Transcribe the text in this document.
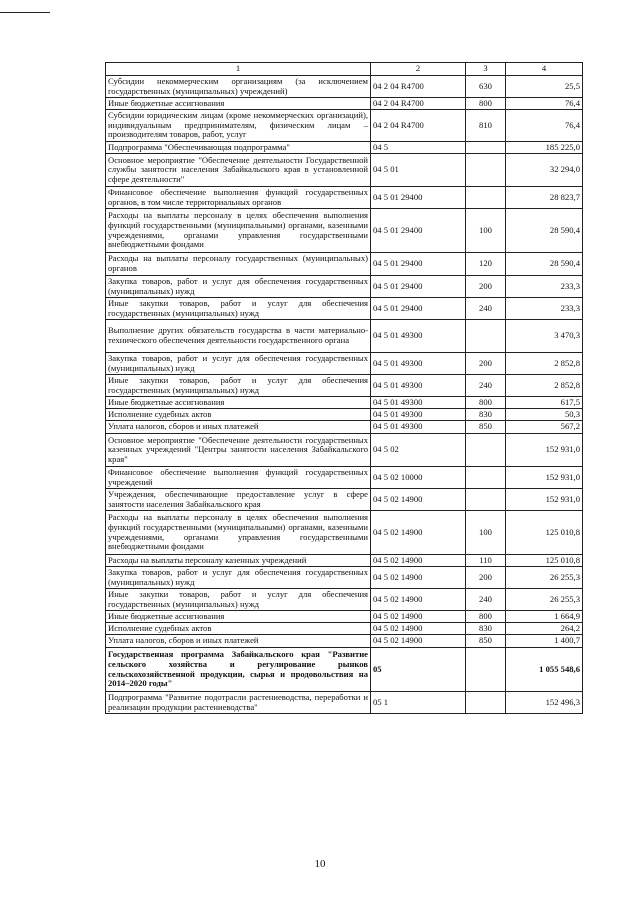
1	2	3	4
Субсидии некоммерческим организациям (за исключением государственных (муниципальных) учреждений)	04 2 04 R4700	630	25,5
Иные бюджетные ассигнования	04 2 04 R4700	800	76,4
Субсидии юридическим лицам (кроме некоммерческих организаций), индивидуальным предпринимателям, физическим лицам – производителям товаров, работ, услуг	04 2 04 R4700	810	76,4
Подпрограмма "Обеспечивающая подпрограмма"	04 5		185 225,0
Основное мероприятие "Обеспечение деятельности Государственной службы занятости населения Забайкальского края в установленной сфере деятельности"	04 5 01		32 294,0
Финансовое обеспечение выполнения функций государственных органов, в том числе территориальных органов	04 5 01 29400		28 823,7
Расходы на выплаты персоналу в целях обеспечения выполнения функций государственными (муниципальными) органами, казенными учреждениями, органами управления государственными внебюджетными фондами	04 5 01 29400	100	28 590,4
Расходы на выплаты персоналу государственных (муниципальных) органов	04 5 01 29400	120	28 590,4
Закупка товаров, работ и услуг для обеспечения государственных (муниципальных) нужд	04 5 01 29400	200	233,3
Иные закупки товаров, работ и услуг для обеспечения государственных (муниципальных) нужд	04 5 01 29400	240	233,3
Выполнение других обязательств государства в части материально-технического обеспечения деятельности государственного органа	04 5 01 49300		3 470,3
Закупка товаров, работ и услуг для обеспечения государственных (муниципальных) нужд	04 5 01 49300	200	2 852,8
Иные закупки товаров, работ и услуг для обеспечения государственных (муниципальных) нужд	04 5 01 49300	240	2 852,8
Иные бюджетные ассигнования	04 5 01 49300	800	617,5
Исполнение судебных актов	04 5 01 49300	830	50,3
Уплата налогов, сборов и иных платежей	04 5 01 49300	850	567,2
Основное мероприятие "Обеспечение деятельности государственных казенных учреждений "Центры занятости населения Забайкальского края"	04 5 02		152 931,0
Финансовое обеспечение выполнения функций государственных учреждений	04 5 02 10000		152 931,0
Учреждения, обеспечивающие предоставление услуг в сфере занятости населения Забайкальского края	04 5 02 14900		152 931,0
Расходы на выплаты персоналу в целях обеспечения выполнения функций государственными (муниципальными) органами, казенными учреждениями, органами управления государственными внебюджетными фондами	04 5 02 14900	100	125 010,8
Расходы на выплаты персоналу казенных учреждений	04 5 02 14900	110	125 010,8
Закупка товаров, работ и услуг для обеспечения государственных (муниципальных) нужд	04 5 02 14900	200	26 255,3
Иные закупки товаров, работ и услуг для обеспечения государственных (муниципальных) нужд	04 5 02 14900	240	26 255,3
Иные бюджетные ассигнования	04 5 02 14900	800	1 664,9
Исполнение судебных актов	04 5 02 14900	830	264,2
Уплата налогов, сборов и иных платежей	04 5 02 14900	850	1 400,7
Государственная программа Забайкальского края "Развитие сельского хозяйства и регулирование рынков сельскохозяйственной продукции, сырья и продовольствия на 2014–2020 годы"	05		1 055 548,6
Подпрограмма "Развитие подотрасли растениеводства, переработки и реализации продукции растениеводства"	05 1		152 496,3
10
